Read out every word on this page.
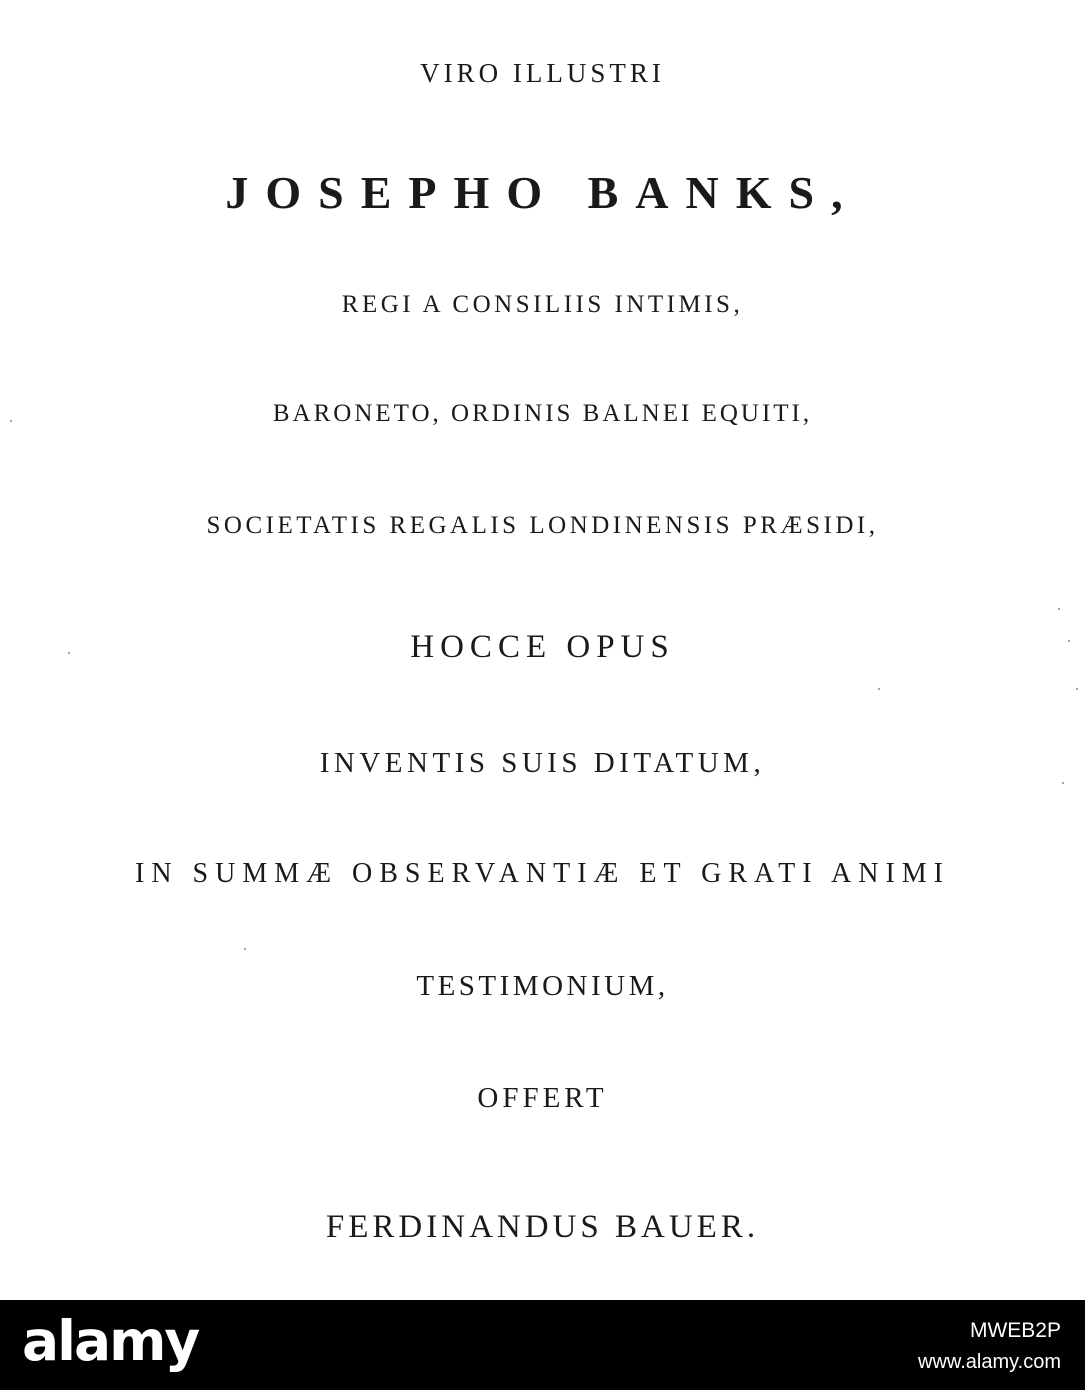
VIRO ILLUSTRI

JOSEPHO BANKS,

REGI A CONSILIIS INTIMIS,

BARONETO, ORDINIS BALNEI EQUITI,

SOCIETATIS REGALIS LONDINENSIS PRÆSIDI,

HOCCE OPUS

INVENTIS SUIS DITATUM,

IN SUMMÆ OBSERVANTIÆ ET GRATI ANIMI

TESTIMONIUM,

OFFERT

FERDINANDUS BAUER.

alamy	MWEB2P
www.alamy.com
